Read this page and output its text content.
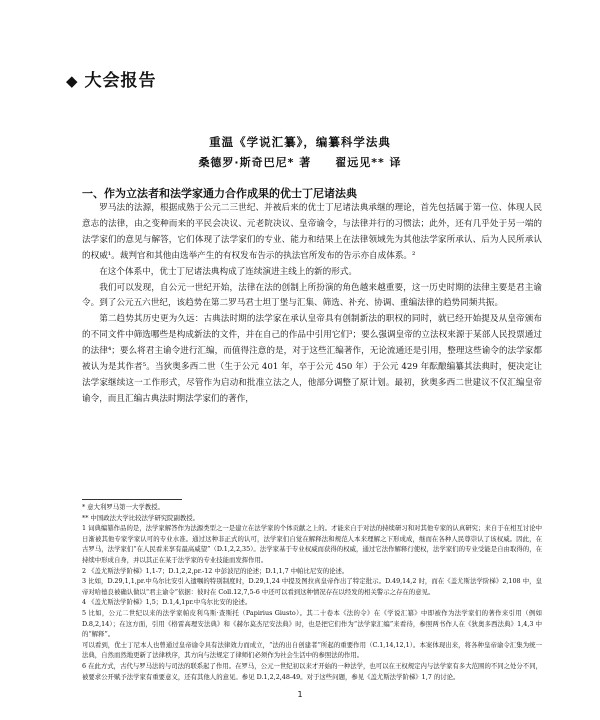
◆ 大会报告
重温《学说汇纂》，编纂科学法典
桑德罗·斯奇巴尼* 著 翟远见** 译
一、作为立法者和法学家通力合作成果的优士丁尼诸法典

罗马法的法源，根据成熟于公元二三世纪、并被后来的优士丁尼诸法典承继的理论，首先包括属于第一位、体现人民意志的法律，由之变种而来的平民会决议、元老院决议、皇帝谕令，与法律并行的习惯法；此外，还有几乎处于另一端的法学家们的意见与解答，它们体现了法学家们的专业、能力和结果上在法律领域先为其他法学家所承认、后为人民所承认的权威¹。裁判官和其他由选举产生的有权发布告示的执法官所发布的告示亦自成体系。²

在这个体系中，优士丁尼诸法典构成了连续演进主线上的新的形式。

我们可以发现，自公元一世纪开始，法律在法的创制上所扮演的角色越来越重要，这一历史时期的法律主要是君主谕令。到了公元五六世纪，该趋势在第二罗马君士坦丁堡与汇集、筛选、补充、协调、重编法律的趋势同频共振。

第二趋势其历史更为久远：古典法时期的法学家在承认皇帝具有创制新法的职权的同时，就已经开始提及从皇帝颁布的不同文件中筛选哪些是构成新法的文件，并在自己的作品中引用它们³；要么强调皇帝的立法权来源于某部人民投票通过的法律⁴；要么将君主谕令进行汇编，而值得注意的是，对于这些汇编著作，无论流通还是引用，整理这些谕令的法学家都被认为是其作者⁵。当狄奥多西二世（生于公元 401 年，卒于公元 450 年）于公元 429 年酝酿编纂其法典时，便决定让法学家继续这一工作形式，尽管作为启动和批准立法之人，他部分调整了原计划。最初，狄奥多西二世建议不仅汇编皇帝谕令，而且汇编古典法时期法学家们的著作，

* 意大利罗马第一大学教授。

** 中国政法大学比较法学研究院副教授。

1 词典编纂作品的是，法学家解答作为法源类型之一是建立在法学家的个体贡献之上的。才能来自于对法的持续研习和对其他专家的认真研究；来自于在相互讨论中日渐被其他专家学家认可的专业水准。通过这种非正式的认可，法学家们自觉在解释法和规范人本来理解之下形成成，继而在各种人民尊崇认了该权威。因此，在古罗马，法学家们“在人民看来享有最高威望”（D.1,2,2,35）。法学家基于专业权威而获得的权威，通过它法作解释行使权，法学家们的专业受能是自由取得的，在持续中形成自身，并以其正在某于法学家的专业技能而发挥作用。

2 《盖尤斯法学阶梯》1,1-7；D.1,2,2,pr.-12 中彭波尼的论述；D.1,1,7 中帕比尼安的论述。

3 比如，D.29,1,1,pr.中乌尔比安引入遗嘱的特别制度时，D.29,1,24 中提及图拉真皇帝作出了特定批示。D.49,14,2 时，而在《盖尤斯法学阶梯》2,108 中，皇帝对哈德良被确认做以“君主谕令”依据：彼时在 Coll.12,7,5-6 中还可以看到这种情况存在以经发的相关警示之存在的意见。

4 《盖尤斯法学阶梯》1,5；D.1,4,1pr.中乌尔比安的论述。

5 比如，公元二世纪以来的法学家帕皮利乌斯·查斯托（Papirius Giusto）。其二十卷本《法的令》在《学说汇纂》中即被作为法学家们的著作来引用（例如 D.8,2,14）；在这方面，引用《格雷高理安法典》和《赫尔莫杰尼安法典》时，也是把它们作为“法学家汇编”来看待，参照两书作人在《狄奥多西法典》1,4,3 中的“解释”。

可以看到，优士丁尼本人也曾通过皇帝谕令具有法律效力而成立，“法的出自创建者”所起的重要作用（C.1,14,12,1）。本案体现出来，将各种皇帝谕令汇集为统一法典，自然而然地更新了法律秩序，其方向与法规定了律师们必须作为社会生活中的参照法的作用。

6 在此方式，古代与罗马法的与司法的联系起了作用。在罗马，公元一世纪初以来才开始的一种法学，也可以在王权规定内与法学家有多大范围的不同之处分不同，被要求公开赋予法学家有重要意义，还有其他人的意见。参见 D.1,2,2,48-49。对于这些问题，参见《盖尤斯法学阶梯》1,7 的讨论。

1
